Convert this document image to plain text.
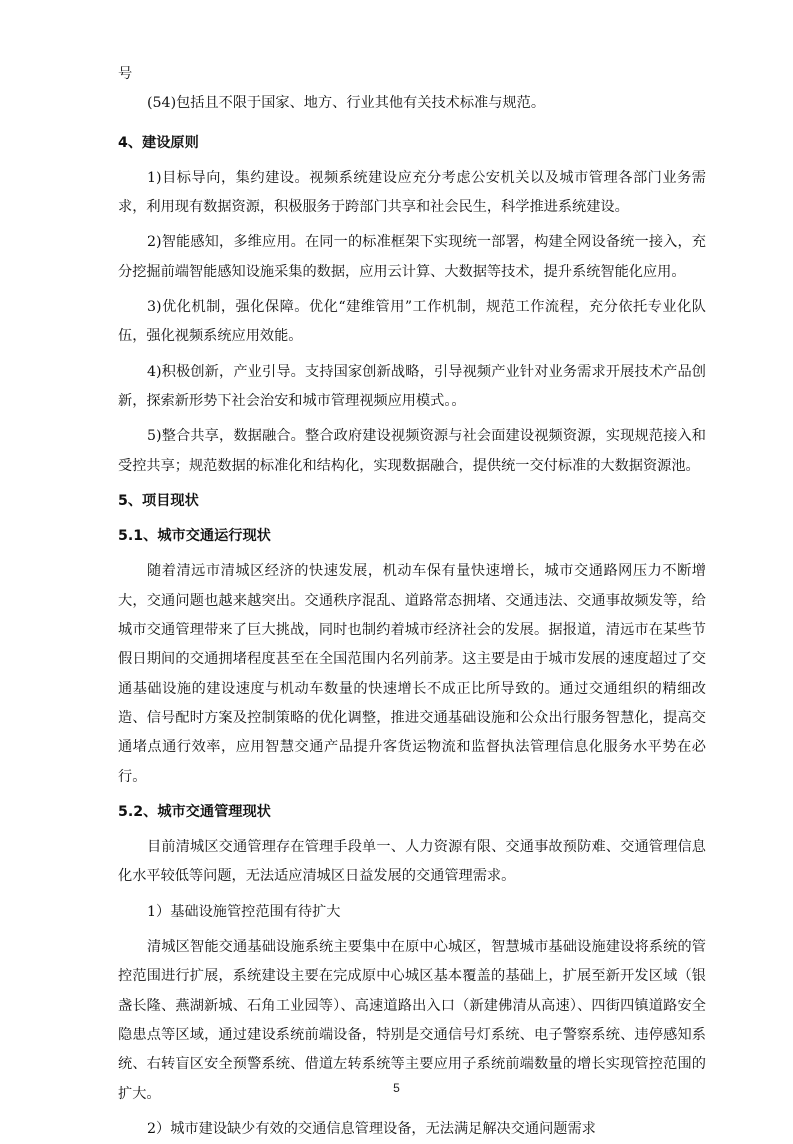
号

(54)包括且不限于国家、地方、行业其他有关技术标准与规范。

4、建设原则

1)目标导向，集约建设。视频系统建设应充分考虑公安机关以及城市管理各部门业务需求，利用现有数据资源，积极服务于跨部门共享和社会民生，科学推进系统建设。

2)智能感知，多维应用。在同一的标准框架下实现统一部署，构建全网设备统一接入，充分挖掘前端智能感知设施采集的数据，应用云计算、大数据等技术，提升系统智能化应用。

3)优化机制，强化保障。优化“建维管用”工作机制，规范工作流程，充分依托专业化队伍，强化视频系统应用效能。

4)积极创新，产业引导。支持国家创新战略，引导视频产业针对业务需求开展技术产品创新，探索新形势下社会治安和城市管理视频应用模式。。

5)整合共享，数据融合。整合政府建设视频资源与社会面建设视频资源，实现规范接入和受控共享；规范数据的标准化和结构化，实现数据融合，提供统一交付标准的大数据资源池。

5、项目现状

5.1、城市交通运行现状

随着清远市清城区经济的快速发展，机动车保有量快速增长，城市交通路网压力不断增大，交通问题也越来越突出。交通秩序混乱、道路常态拥堵、交通违法、交通事故频发等，给城市交通管理带来了巨大挑战，同时也制约着城市经济社会的发展。据报道，清远市在某些节假日期间的交通拥堵程度甚至在全国范围内名列前茅。这主要是由于城市发展的速度超过了交通基础设施的建设速度与机动车数量的快速增长不成正比所导致的。通过交通组织的精细改造、信号配时方案及控制策略的优化调整，推进交通基础设施和公众出行服务智慧化，提高交通堵点通行效率，应用智慧交通产品提升客货运物流和监督执法管理信息化服务水平势在必行。

5.2、城市交通管理现状

目前清城区交通管理存在管理手段单一、人力资源有限、交通事故预防难、交通管理信息化水平较低等问题，无法适应清城区日益发展的交通管理需求。

1）基础设施管控范围有待扩大

清城区智能交通基础设施系统主要集中在原中心城区，智慧城市基础设施建设将系统的管控范围进行扩展，系统建设主要在完成原中心城区基本覆盖的基础上，扩展至新开发区域（银盏长隆、燕湖新城、石角工业园等）、高速道路出入口（新建佛清从高速）、四街四镇道路安全隐患点等区域，通过建设系统前端设备，特别是交通信号灯系统、电子警察系统、违停感知系统、右转盲区安全预警系统、借道左转系统等主要应用子系统前端数量的增长实现管控范围的扩大。

2）城市建设缺少有效的交通信息管理设备，无法满足解决交通问题需求

5
